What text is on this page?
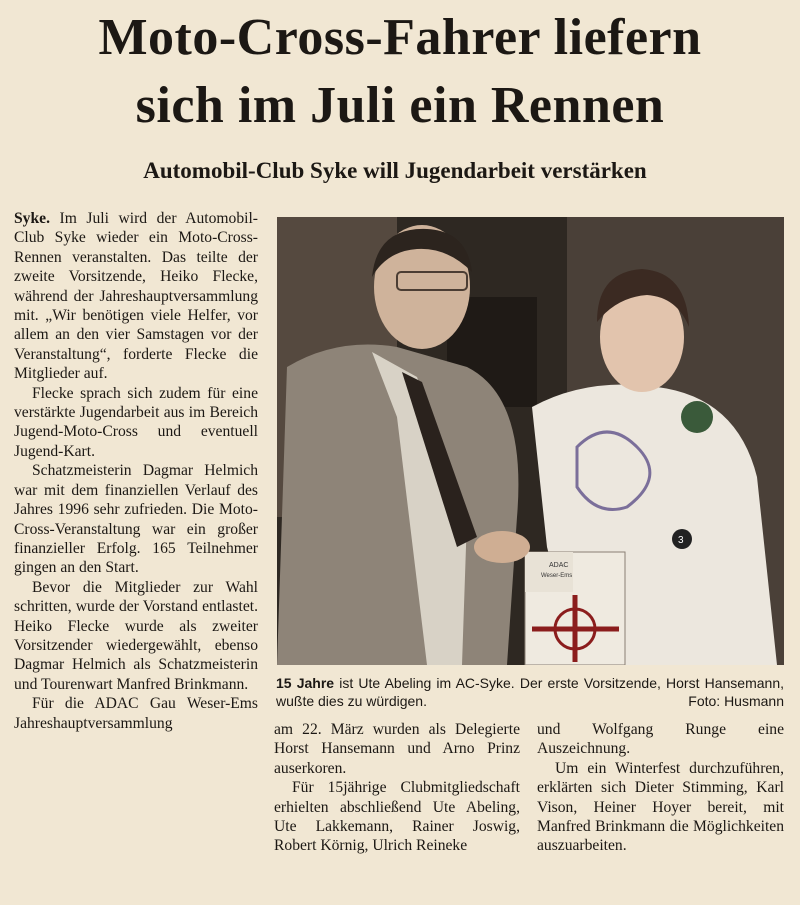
Moto-Cross-Fahrer liefern
sich im Juli ein Rennen
Automobil-Club Syke will Jugendarbeit verstärken

Syke. Im Juli wird der Automobil-Club Syke wieder ein Moto-Cross-Rennen veranstalten. Das teilte der zweite Vorsitzende, Heiko Flecke, während der Jahreshauptversammlung mit. „Wir benötigen viele Helfer, vor allem an den vier Samstagen vor der Veranstaltung“, forderte Flecke die Mitglieder auf.

Flecke sprach sich zudem für eine verstärkte Jugendarbeit aus im Bereich Jugend-Moto-Cross und eventuell Jugend-Kart.

Schatzmeisterin Dagmar Helmich war mit dem finanziellen Verlauf des Jahres 1996 sehr zufrieden. Die Moto-Cross-Veranstaltung war ein großer finanzieller Erfolg. 165 Teilnehmer gingen an den Start.

Bevor die Mitglieder zur Wahl schritten, wurde der Vorstand entlastet. Heiko Flecke wurde als zweiter Vorsitzender wiedergewählt, ebenso Dagmar Helmich als Schatzmeisterin und Tourenwart Manfred Brinkmann.

Für die ADAC Gau Weser-Ems Jahreshauptversammlung

ADAC
Weser-Ems
3

15 Jahre ist Ute Abeling im AC-Syke. Der erste Vorsitzende, Horst Hansemann, wußte dies zu würdigen.	Foto: Husmann

am 22. März wurden als Delegierte Horst Hansemann und Arno Prinz auserkoren.

Für 15jährige Clubmitgliedschaft erhielten abschließend Ute Abeling, Ute Lakkemann, Rainer Joswig, Robert Körnig, Ulrich Reineke

und Wolfgang Runge eine Auszeichnung.

Um ein Winterfest durchzuführen, erklärten sich Dieter Stimming, Karl Vison, Heiner Hoyer bereit, mit Manfred Brinkmann die Möglichkeiten auszuarbeiten.
